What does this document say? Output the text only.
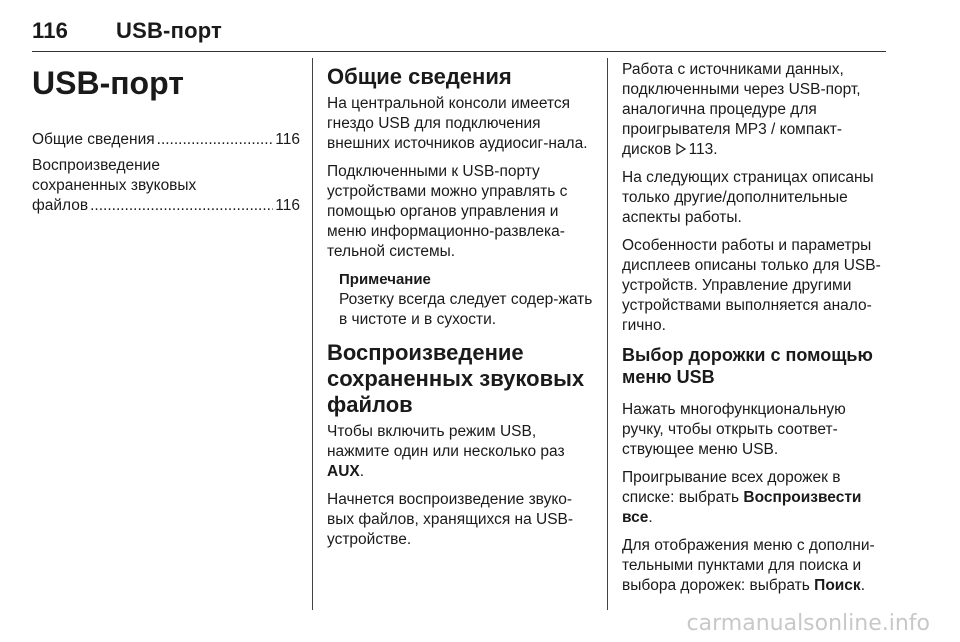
116 USB-порт
USB-порт
Общие сведения .....	116
Воспроизведение
сохраненных звуковых
файлов .....	116
Общие сведения

На центральной консоли имеется гнездо USB для подключения внешних источников аудиосиг-нала.

Подключенными к USB-порту устройствами можно управлять с помощью органов управления и меню информационно-развлека-тельной системы.

Примечание
Розетку всегда следует содер-жать в чистоте и в сухости.
Воспроизведение сохраненных звуковых файлов

Чтобы включить режим USB, нажмите один или несколько раз AUX.

Начнется воспроизведение звуко-вых файлов, хранящихся на USB-устройстве.

Работа с источниками данных, подключенными через USB-порт, аналогична процедуре для проигрывателя MP3 / компакт-дисков 113.

На следующих страницах описаны только другие/дополнительные аспекты работы.

Особенности работы и параметры дисплеев описаны только для USB-устройств. Управление другими устройствами выполняется анало-гично.

Выбор дорожки с помощью меню USB

Нажать многофункциональную ручку, чтобы открыть соответ-ствующее меню USB.

Проигрывание всех дорожек в списке: выбрать Воспроизвести все.

Для отображения меню с дополни-тельными пунктами для поиска и выбора дорожек: выбрать Поиск.

carmanualsonline.info
